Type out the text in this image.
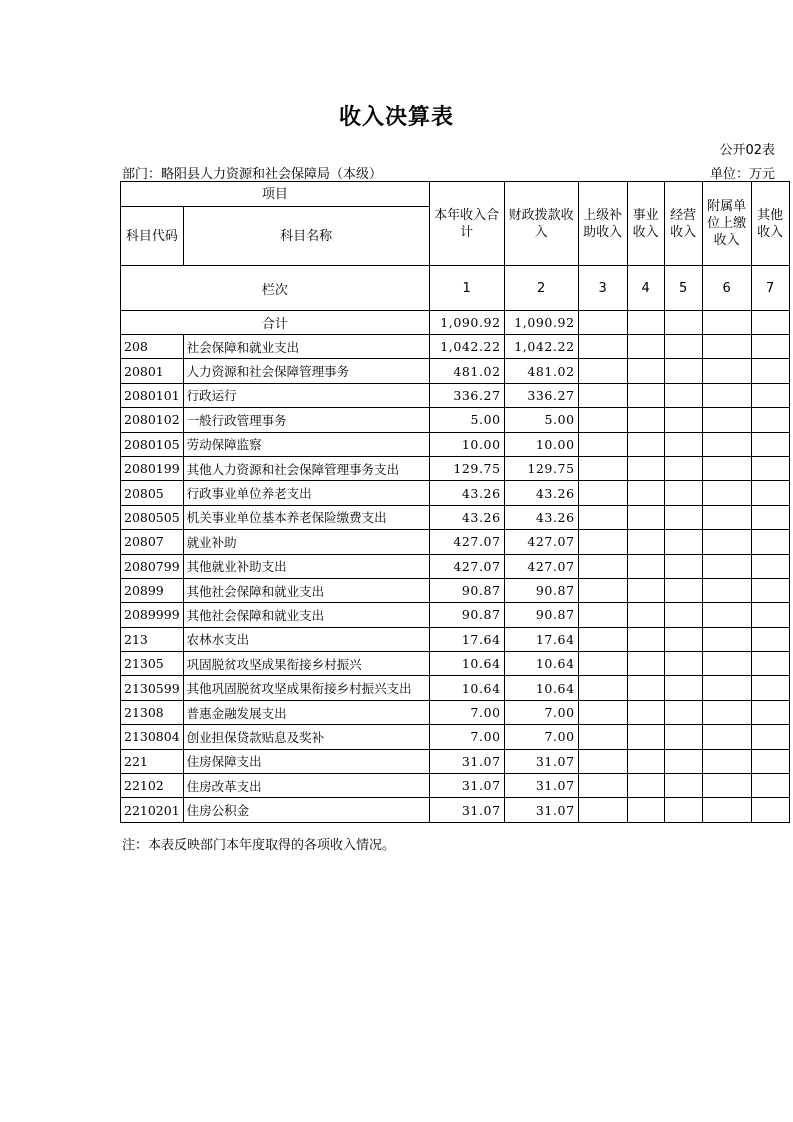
收入决算表
公开02表
部门：略阳县人力资源和社会保障局（本级）	单位：万元
项目		本年收入合计	财政拨款收入	上级补助收入	事业收入	经营收入	附属单位上缴收入	其他收入
科目代码	科目名称							
栏次		1	2	3	4	5	6	7
合计		1,090.92	1,090.92					
208	社会保障和就业支出	1,042.22	1,042.22					
20801	人力资源和社会保障管理事务	481.02	481.02					
2080101	行政运行	336.27	336.27					
2080102	一般行政管理事务	5.00	5.00					
2080105	劳动保障监察	10.00	10.00					
2080199	其他人力资源和社会保障管理事务支出	129.75	129.75					
20805	行政事业单位养老支出	43.26	43.26					
2080505	机关事业单位基本养老保险缴费支出	43.26	43.26					
20807	就业补助	427.07	427.07					
2080799	其他就业补助支出	427.07	427.07					
20899	其他社会保障和就业支出	90.87	90.87					
2089999	其他社会保障和就业支出	90.87	90.87					
213	农林水支出	17.64	17.64					
21305	巩固脱贫攻坚成果衔接乡村振兴	10.64	10.64					
2130599	其他巩固脱贫攻坚成果衔接乡村振兴支出	10.64	10.64					
21308	普惠金融发展支出	7.00	7.00					
2130804	创业担保贷款贴息及奖补	7.00	7.00					
221	住房保障支出	31.07	31.07					
22102	住房改革支出	31.07	31.07					
2210201	住房公积金	31.07	31.07					
注：本表反映部门本年度取得的各项收入情况。
